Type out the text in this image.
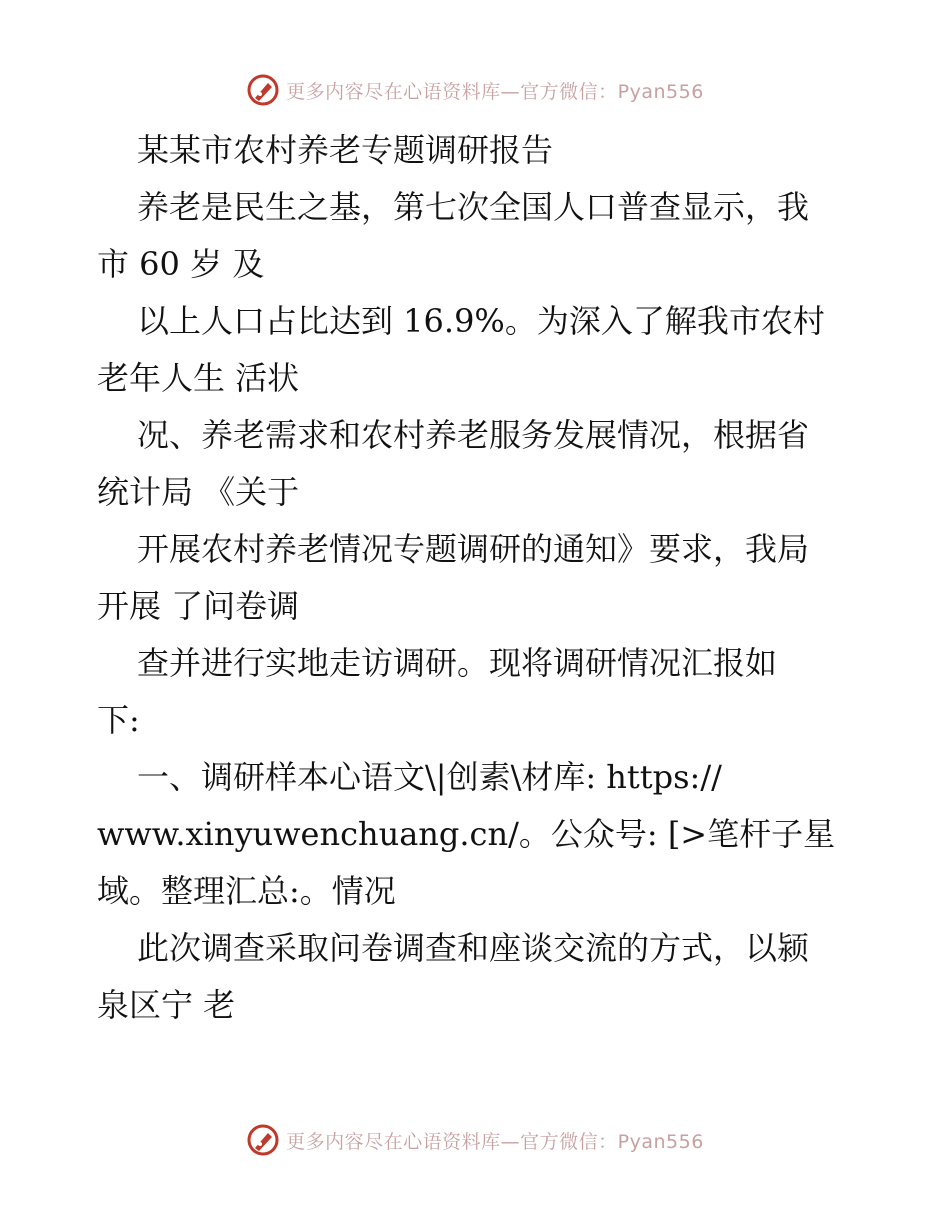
更多内容尽在心语资料库—官方微信：Pyan556
某某市农村养老专题调研报告
养老是民生之基，第七次全国人口普查显示，我
市 60 岁 及
以上人口占比达到 16.9%。为深入了解我市农村
老年人生 活状
况、养老需求和农村养老服务发展情况，根据省
统计局 《关于
开展农村养老情况专题调研的通知》要求，我局
开展 了问卷调
查并进行实地走访调研。现将调研情况汇报如
下:
一、调研样本心语文\|创素\材库: https://
www.xinyuwenchuang.cn/。公众号: [>笔杆子星
域。整理汇总:。情况
此次调查采取问卷调查和座谈交流的方式，以颍
泉区宁 老
更多内容尽在心语资料库—官方微信：Pyan556
